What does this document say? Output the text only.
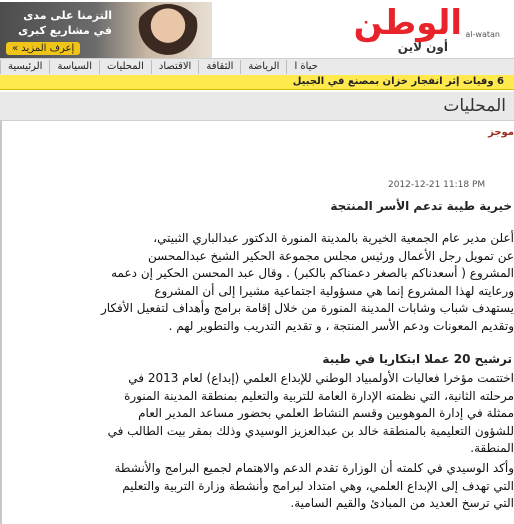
التزمنا على مدى
في مشاريع كبرى
إعرف المزيد »
الوطن
أون لاين
al-watan
الرئيسية	السياسة	المحليات	الاقتصاد	الثقافة	الرياضة	حياة ا
6 وفيات إثر انفجار خزان بمصنع في الجبيل
المحليات
موجز
2012-12-21 11:18 PM
خيرية طيبة تدعم الأسر المنتجة

أعلن مدير عام الجمعية الخيرية بالمدينة المنورة الدكتور عبدالباري الثبيتي،
عن تمويل رجل الأعمال ورئيس مجلس مجموعة الحكير الشيخ عبدالمحسن
المشروع ( أسعدناكم بالصغر دعمناكم بالكبر) . وقال عبد المحسن الحكير إن دعمه
ورعايته لهذا المشروع إنما هي مسؤولية اجتماعية مشيرا إلى أن المشروع
يستهدف شباب وشابات المدينة المنورة من خلال إقامة برامج وأهداف لتفعيل الأفكار
وتقديم المعونات ودعم الأسر المنتجة ، و تقديم التدريب والتطوير لهم .

ترشيح 20 عملا ابتكاريا في طيبة

اختتمت مؤخرا فعاليات الأولمبياد الوطني للإبداع العلمي (إبداع) لعام 2013 في
مرحلته الثانية، التي نظمته الإدارة العامة للتربية والتعليم بمنطقة المدينة المنورة
ممثلة في إدارة الموهوبين وقسم النشاط العلمي بحضور مساعد المدير العام
للشؤون التعليمية بالمنطقة خالد بن عبدالعزيز الوسيدي وذلك بمقر بيت الطالب في
المنطقة.

وأكد الوسيدي في كلمته أن الوزارة تقدم الدعم والاهتمام لجميع البرامج والأنشطة
التي تهدف إلى الإبداع العلمي، وهي امتداد لبرامج وأنشطة وزارة التربية والتعليم
التي ترسخ العديد من المبادئ والقيم السامية.
